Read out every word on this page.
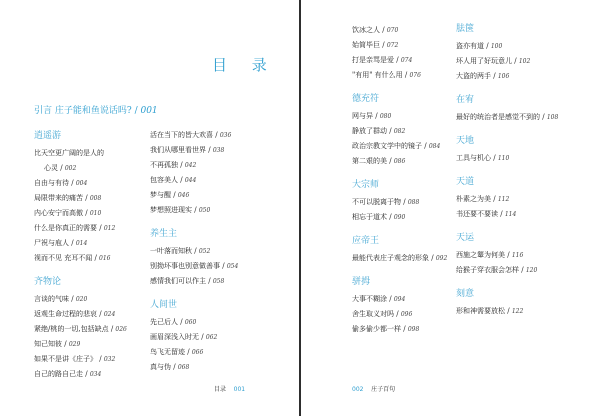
目 录
引言 庄子能和鱼说话吗? / 001
逍遥游
比天空更广阔的是人的
心灵 / 002
自由与有待 / 004
局限带来的痛苦 / 008
内心安宁而高傲 / 010
什么是你真正的需要 / 012
尸祝与庖人 / 014
视而不见 充耳不闻 / 016
齐物论
言谈的气味 / 020
返观生命过程的悲哀 / 024
紧绝/桃的一切,包括缺点 / 026
知己知彼 / 029
如果不是讲《庄子》 / 032
自己的路自己走 / 034
活在当下的皆大欢喜 / 036
我们从哪里看世界 / 038
不再孤独 / 042
包容美人 / 044
梦与醒 / 046
梦想照进现实 / 050
养生主
一叶落而知秋 / 052
别拗坏事也别意做善事 / 054
感情我们可以作主 / 058
人间世
先己后人 / 060
画眉深浅入时无 / 062
鸟飞无留迹 / 066
真与伪 / 068
目录 001
饮冰之人 / 070
始简毕巨 / 072
打是亲骂是爱 / 074
"有用" 有什么用 / 076
德充符
网与异 / 080
静放了群动 / 082
政治宗教文学中的镜子 / 084
第二艰的美 / 086
大宗师
不可以脱离于物 / 088
相忘于道术 / 090
应帝王
最能代表庄子观念的形象 / 092
骈拇
大事不糊涂 / 094
舍生取义对吗 / 096
偷多偷少都一样 / 098
胠箧
盗亦有道 / 100
坏人用了好玩意儿 / 102
大盗的两手 / 106
在宥
最好的统治者是感觉不到的 / 108
天地
工具与机心 / 110
天道
朴素之为美 / 112
书还要不要读 / 114
天运
西施之颦为何美 / 116
给猴子穿衣服会怎样 / 120
刻意
形和神需要放松 / 122
002 庄子百句
